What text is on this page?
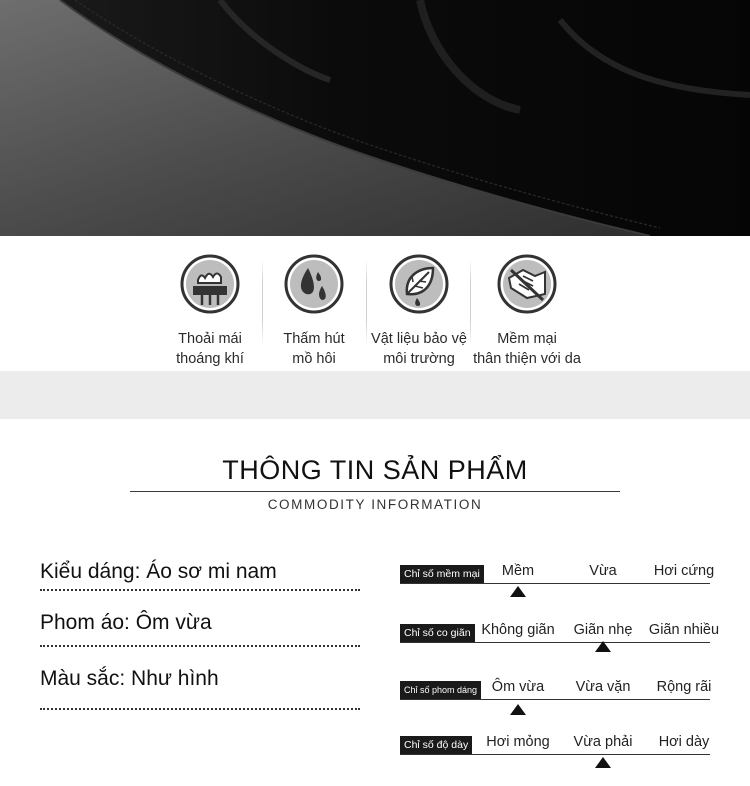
Thoải mái
thoáng khí
Thấm hút
mồ hôi
Vật liệu bảo vệ
môi trường
Mềm mại
thân thiện với da
THÔNG TIN SẢN PHẨM
COMMODITY INFORMATION
Kiểu dáng: Áo sơ mi nam
Phom áo: Ôm vừa
Màu sắc: Như hình
Chỉ số mềm mại Mềm	Vừa	Hơi cứng
Chỉ số co giãn Không giãn Giãn nhẹ Giãn nhiều
Chỉ số phom dáng Ôm vừa Vừa vặn Rộng rãi
Chỉ số độ dày Hơi mỏng Vừa phải Hơi dày
